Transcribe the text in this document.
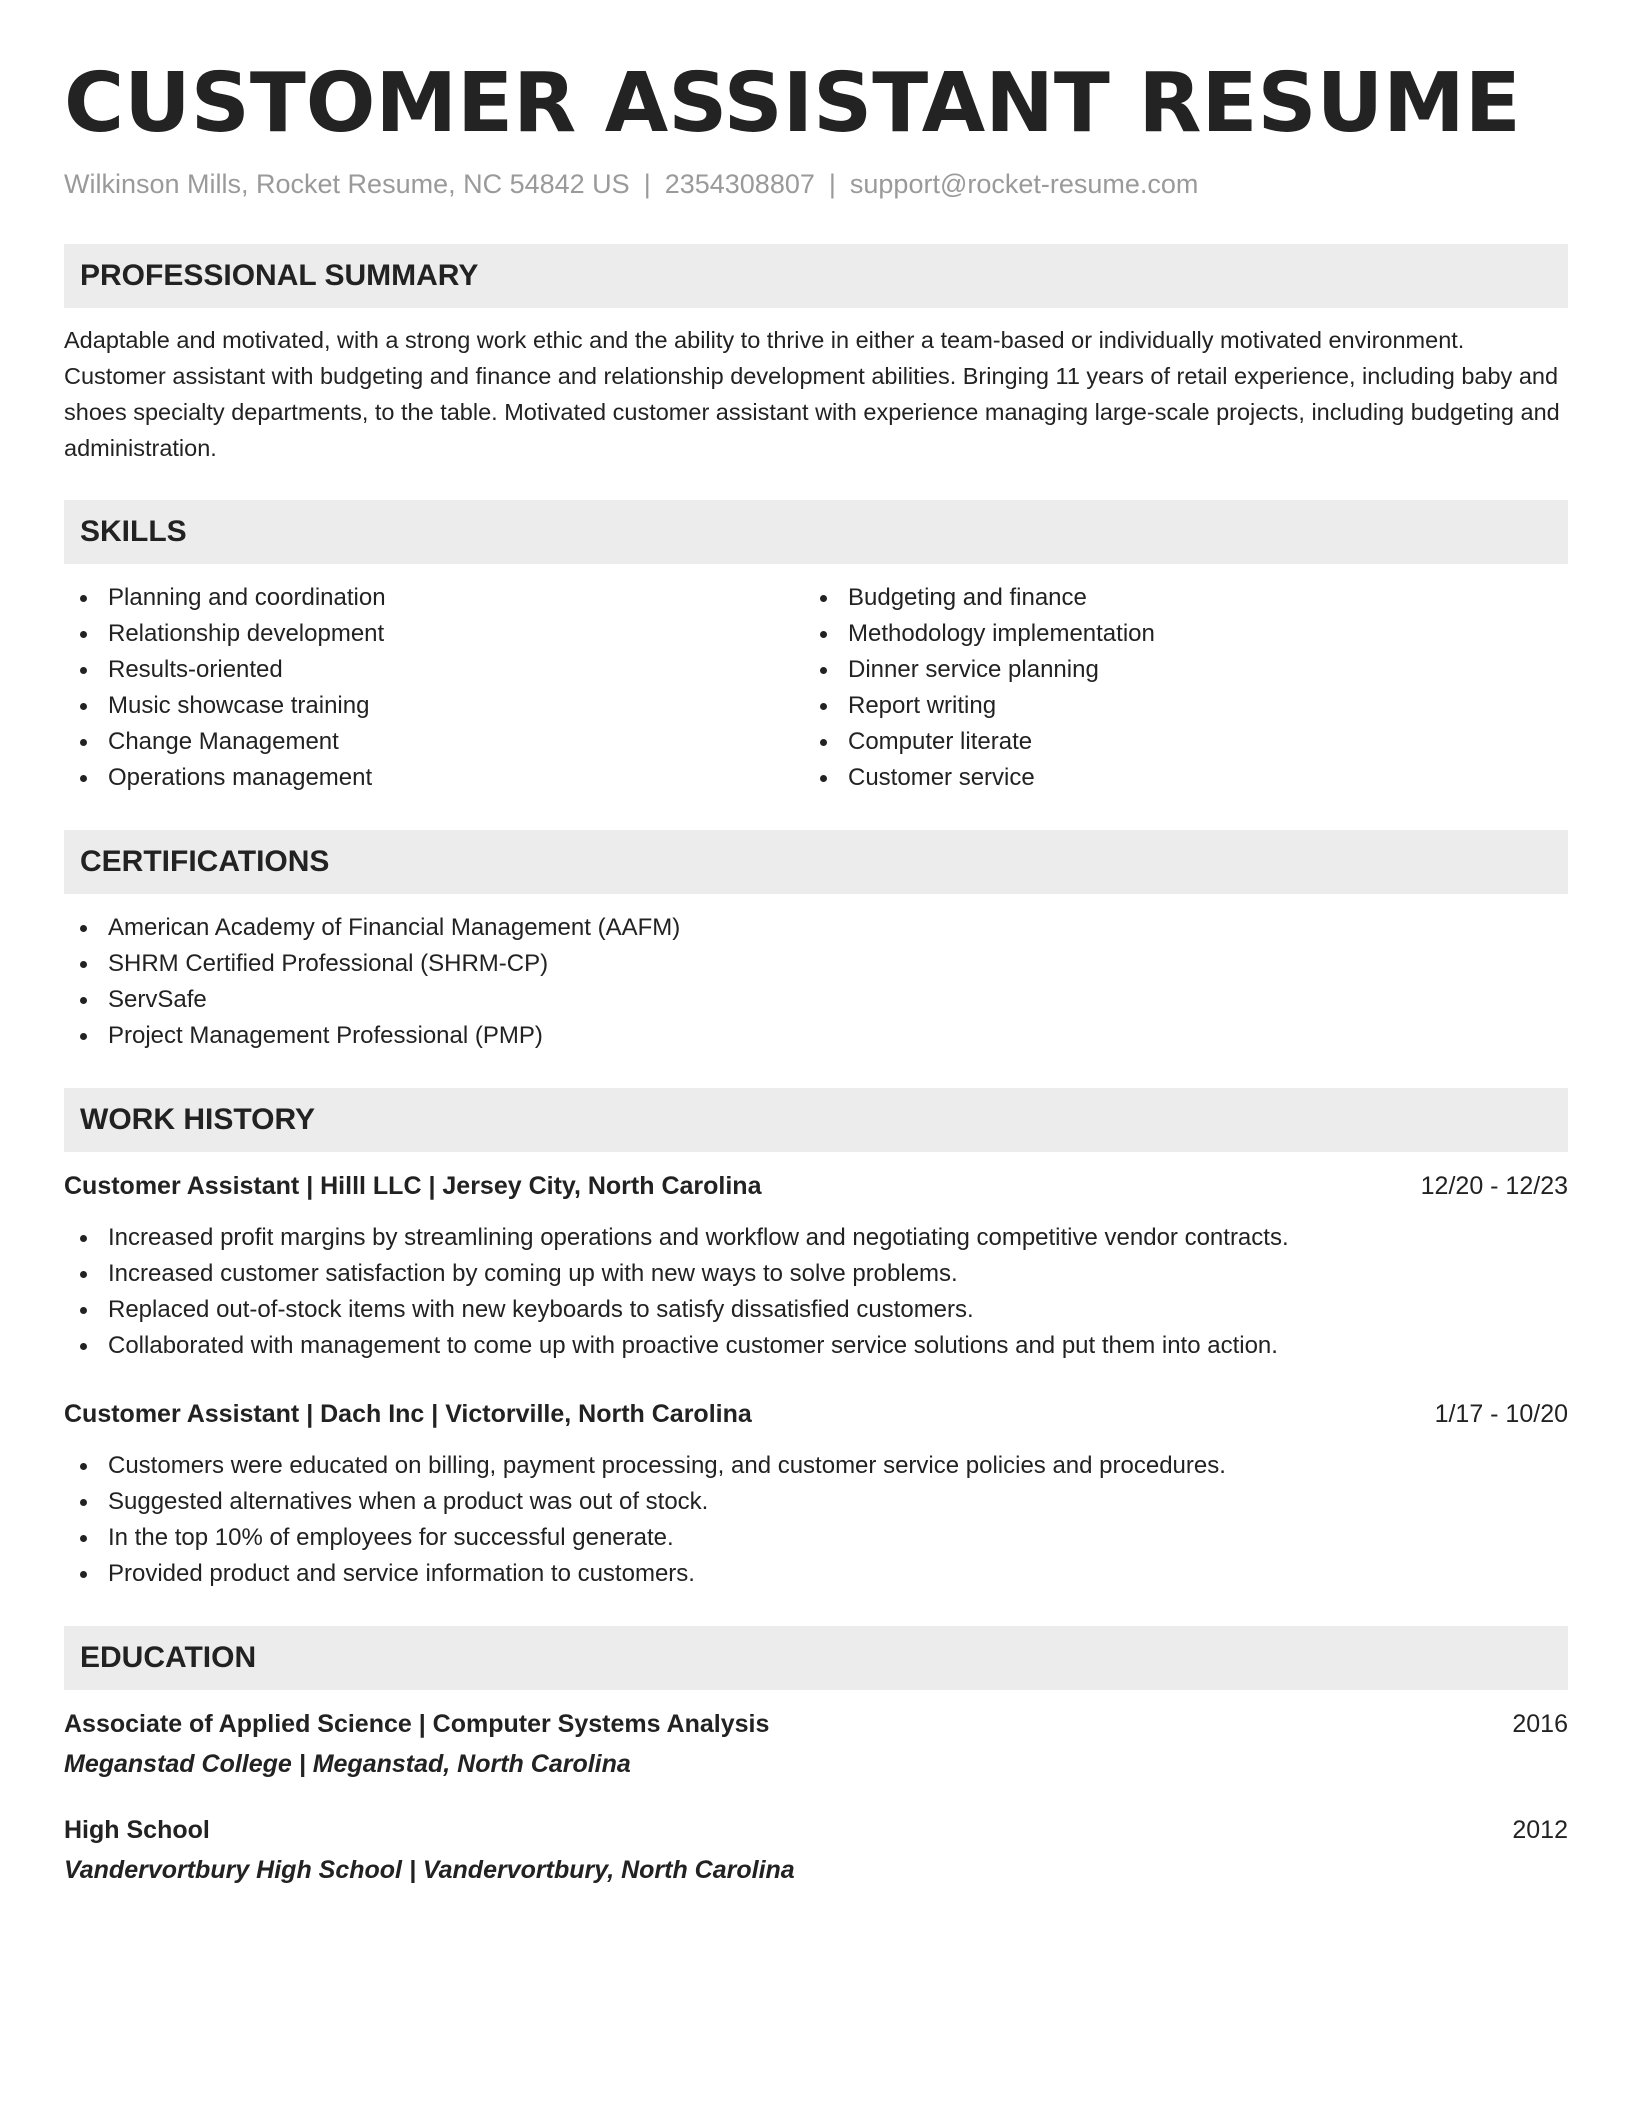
CUSTOMER ASSISTANT RESUME
Wilkinson Mills, Rocket Resume, NC 54842 US | 2354308807 | support@rocket-resume.com
PROFESSIONAL SUMMARY

Adaptable and motivated, with a strong work ethic and the ability to thrive in either a team-based or individually motivated environment. Customer assistant with budgeting and finance and relationship development abilities. Bringing 11 years of retail experience, including baby and shoes specialty departments, to the table. Motivated customer assistant with experience managing large-scale projects, including budgeting and administration.

SKILLS
Planning and coordination
Relationship development
Results-oriented
Music showcase training
Change Management
Operations management
Budgeting and finance
Methodology implementation
Dinner service planning
Report writing
Computer literate
Customer service
CERTIFICATIONS
American Academy of Financial Management (AAFM)
SHRM Certified Professional (SHRM-CP)
ServSafe
Project Management Professional (PMP)
WORK HISTORY
Customer Assistant | Hilll LLC | Jersey City, North Carolina	12/20 - 12/23
Increased profit margins by streamlining operations and workflow and negotiating competitive vendor contracts.
Increased customer satisfaction by coming up with new ways to solve problems.
Replaced out-of-stock items with new keyboards to satisfy dissatisfied customers.
Collaborated with management to come up with proactive customer service solutions and put them into action.
Customer Assistant | Dach Inc | Victorville, North Carolina	1/17 - 10/20
Customers were educated on billing, payment processing, and customer service policies and procedures.
Suggested alternatives when a product was out of stock.
In the top 10% of employees for successful generate.
Provided product and service information to customers.
EDUCATION
Associate of Applied Science | Computer Systems Analysis	2016
Meganstad College | Meganstad, North Carolina
High School	2012
Vandervortbury High School | Vandervortbury, North Carolina
